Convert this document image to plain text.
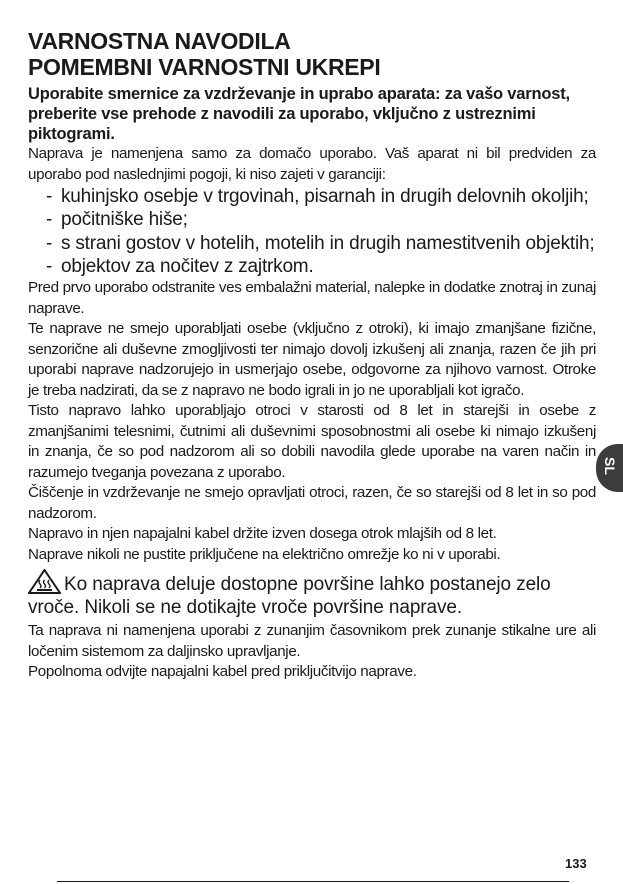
VARNOSTNA NAVODILA
POMEMBNI VARNOSTNI UKREPI

Uporabite smernice za vzdrževanje in uprabo aparata: za vašo varnost, preberite vse prehode z navodili za uporabo, vključno z ustreznimi piktogrami.

Naprava je namenjena samo za domačo uporabo. Vaš aparat ni bil predviden za uporabo pod naslednjimi pogoji, ki niso zajeti v garanciji:

- kuhinjsko osebje v trgovinah, pisarnah in drugih delovnih okoljih;
- počitniške hiše;
- s strani gostov v hotelih, motelih in drugih namestitvenih objektih;
- objektov za nočitev z zajtrkom.

Pred prvo uporabo odstranite ves embalažni material, nalepke in dodatke znotraj in zunaj naprave.

Te naprave ne smejo uporabljati osebe (vključno z otroki), ki imajo zmanjšane fizične, senzorične ali duševne zmogljivosti ter nimajo dovolj izkušenj ali znanja, razen če jih pri uporabi naprave nadzorujejo in usmerjajo osebe, odgovorne za njihovo varnost. Otroke je treba nadzirati, da se z napravo ne bodo igrali in jo ne uporabljali kot igračo.

Tisto napravo lahko uporabljajo otroci v starosti od 8 let in starejši in osebe z zmanjšanimi telesnimi, čutnimi ali duševnimi sposobnostmi ali osebe ki nimajo izkušenj in znanja, če so pod nadzorom ali so dobili navodila glede uporabe na varen način in razumejo tveganja povezana z uporabo.

Čiščenje in vzdrževanje ne smejo opravljati otroci, razen, če so starejši od 8 let in so pod nadzorom.

Napravo in njen napajalni kabel držite izven dosega otrok mlajših od 8 let.

Naprave nikoli ne pustite priključene na električno omrežje ko ni v uporabi.

Ko naprava deluje dostopne površine lahko postanejo zelo vroče. Nikoli se ne dotikajte vroče površine naprave.

Ta naprava ni namenjena uporabi z zunanjim časovnikom prek zunanje stikalne ure ali ločenim sistemom za daljinsko upravljanje.

Popolnoma odvijte napajalni kabel pred priključitvijo naprave.

SL
133
